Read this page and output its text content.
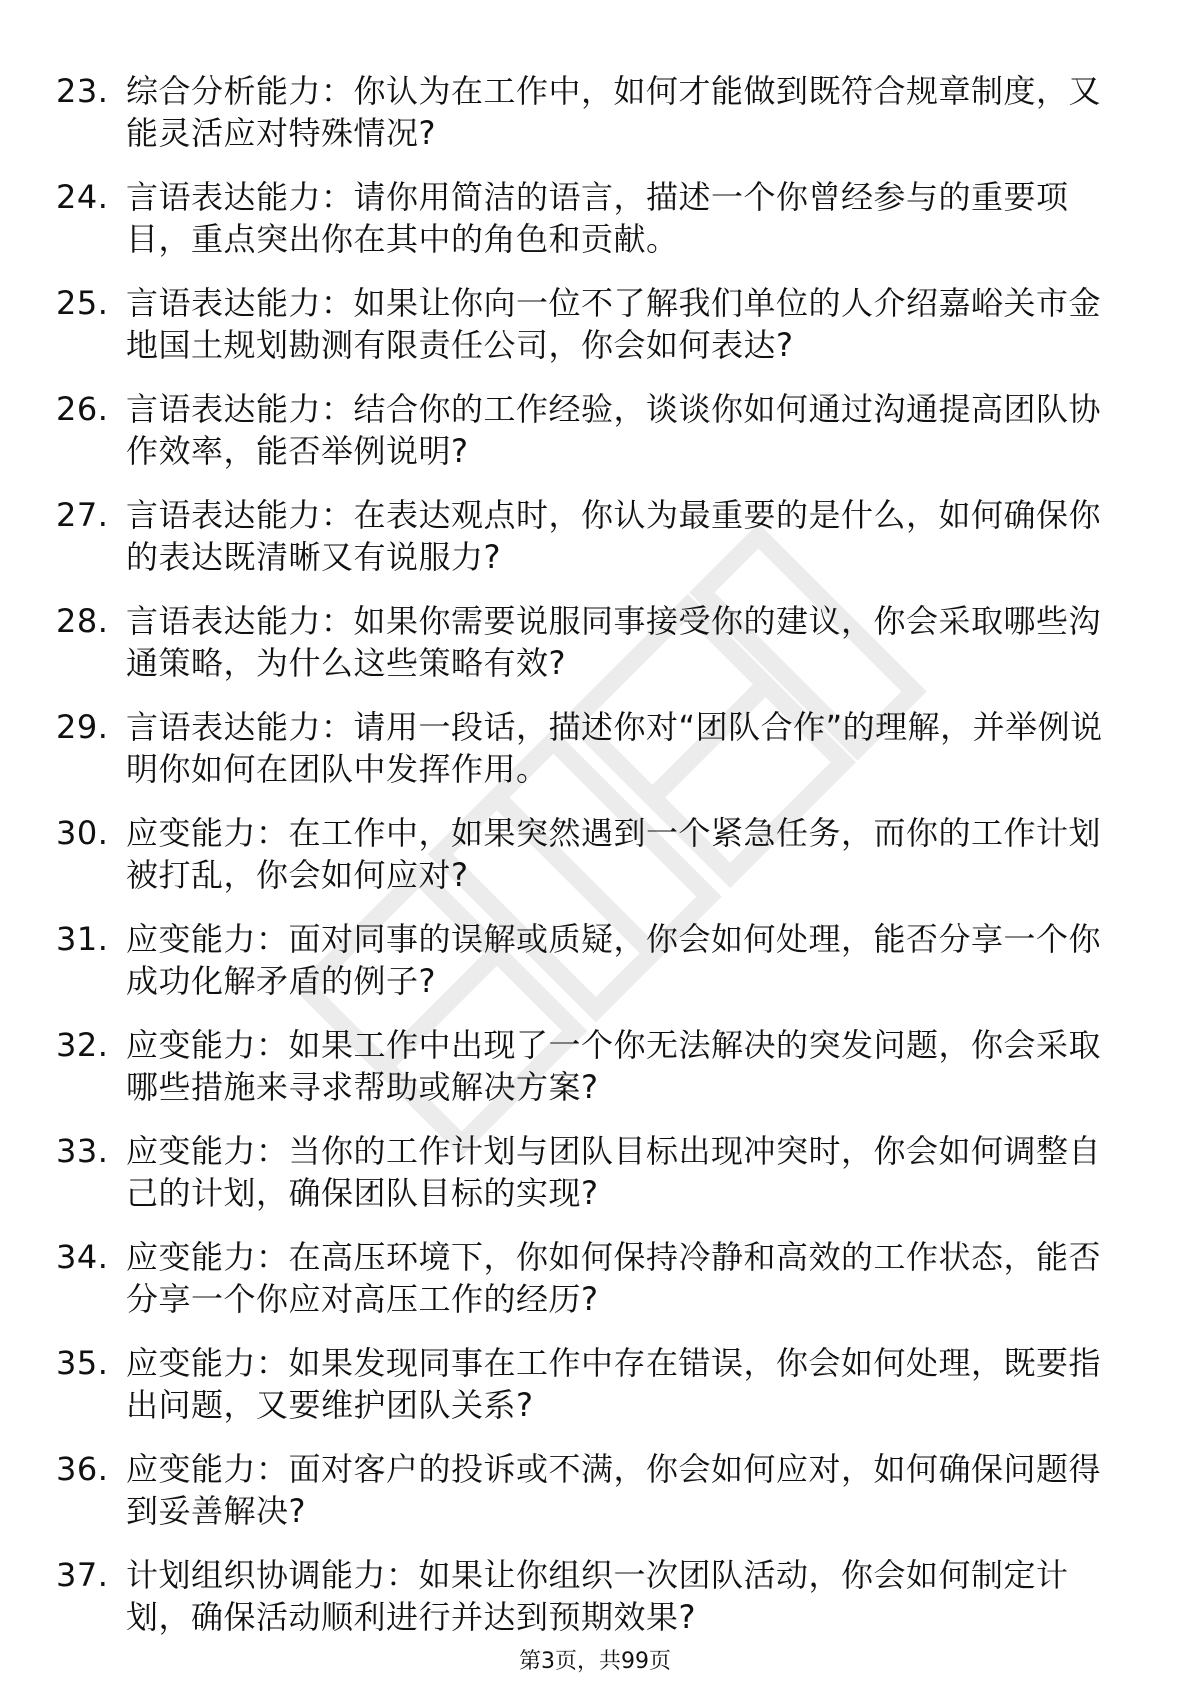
23. 综合分析能力：你认为在工作中，如何才能做到既符合规章制度，又能灵活应对特殊情况?
24. 言语表达能力：请你用简洁的语言，描述一个你曾经参与的重要项目，重点突出你在其中的角色和贡献。
25. 言语表达能力：如果让你向一位不了解我们单位的人介绍嘉峪关市金地国土规划勘测有限责任公司，你会如何表达?
26. 言语表达能力：结合你的工作经验，谈谈你如何通过沟通提高团队协作效率，能否举例说明?
27. 言语表达能力：在表达观点时，你认为最重要的是什么，如何确保你的表达既清晰又有说服力?
28. 言语表达能力：如果你需要说服同事接受你的建议，你会采取哪些沟通策略，为什么这些策略有效?
29. 言语表达能力：请用一段话，描述你对“团队合作”的理解，并举例说明你如何在团队中发挥作用。
30. 应变能力：在工作中，如果突然遇到一个紧急任务，而你的工作计划被打乱，你会如何应对?
31. 应变能力：面对同事的误解或质疑，你会如何处理，能否分享一个你成功化解矛盾的例子?
32. 应变能力：如果工作中出现了一个你无法解决的突发问题，你会采取哪些措施来寻求帮助或解决方案?
33. 应变能力：当你的工作计划与团队目标出现冲突时，你会如何调整自己的计划，确保团队目标的实现?
34. 应变能力：在高压环境下，你如何保持冷静和高效的工作状态，能否分享一个你应对高压工作的经历?
35. 应变能力：如果发现同事在工作中存在错误，你会如何处理，既要指出问题，又要维护团队关系?
36. 应变能力：面对客户的投诉或不满，你会如何应对，如何确保问题得到妥善解决?
37. 计划组织协调能力：如果让你组织一次团队活动，你会如何制定计划，确保活动顺利进行并达到预期效果?
第3页，共99页
